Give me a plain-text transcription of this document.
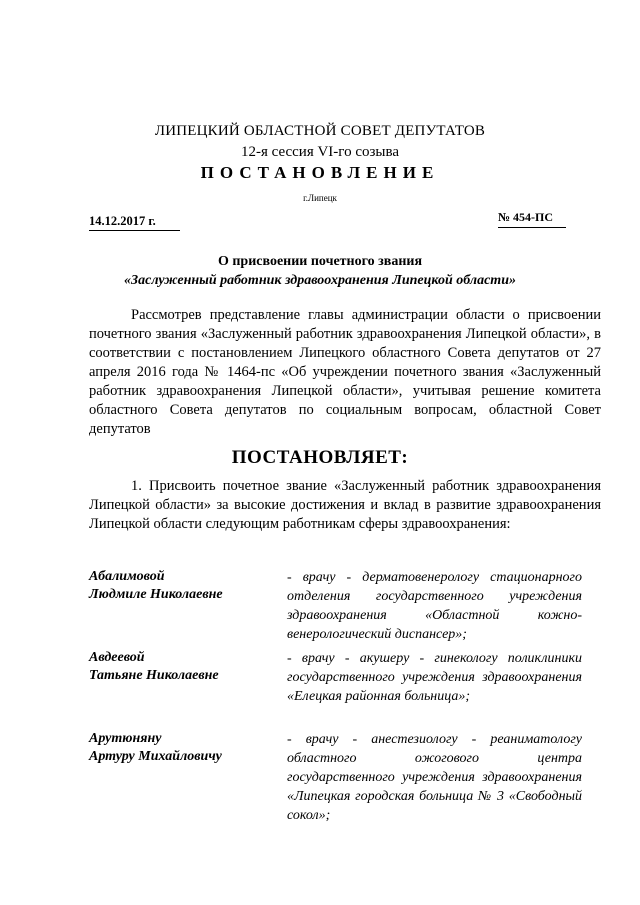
ЛИПЕЦКИЙ ОБЛАСТНОЙ СОВЕТ ДЕПУТАТОВ
12-я сессия VI-го созыва
ПОСТАНОВЛЕНИЕ
г.Липецк
14.12.2017 г.	№ 454-ПС
О присвоении почетного звания
«Заслуженный работник здравоохранения Липецкой области»
Рассмотрев представление главы администрации области о присвоении почетного звания «Заслуженный работник здравоохранения Липецкой области», в соответствии с постановлением Липецкого областного Совета депутатов от 27 апреля 2016 года № 1464-пс «Об учреждении почетного звания «Заслуженный работник здравоохранения Липецкой области», учитывая решение комитета областного Совета депутатов по социальным вопросам, областной Совет депутатов
ПОСТАНОВЛЯЕТ:
1. Присвоить почетное звание «Заслуженный работник здравоохранения Липецкой области» за высокие достижения и вклад в развитие здравоохранения Липецкой области следующим работникам сферы здравоохранения:
Абалимовой
Людмиле Николаевне
- врачу - дерматовенерологу стационарного отделения государственного учреждения здравоохранения «Областной кожно-венерологический диспансер»;
Авдеевой
Татьяне Николаевне
- врачу - акушеру - гинекологу поликлиники государственного учреждения здравоохранения «Елецкая районная больница»;
Арутюняну
Артуру Михайловичу
- врачу - анестезиологу - реаниматологу областного ожогового центра государственного учреждения здравоохранения «Липецкая городская больница № 3 «Свободный сокол»;
